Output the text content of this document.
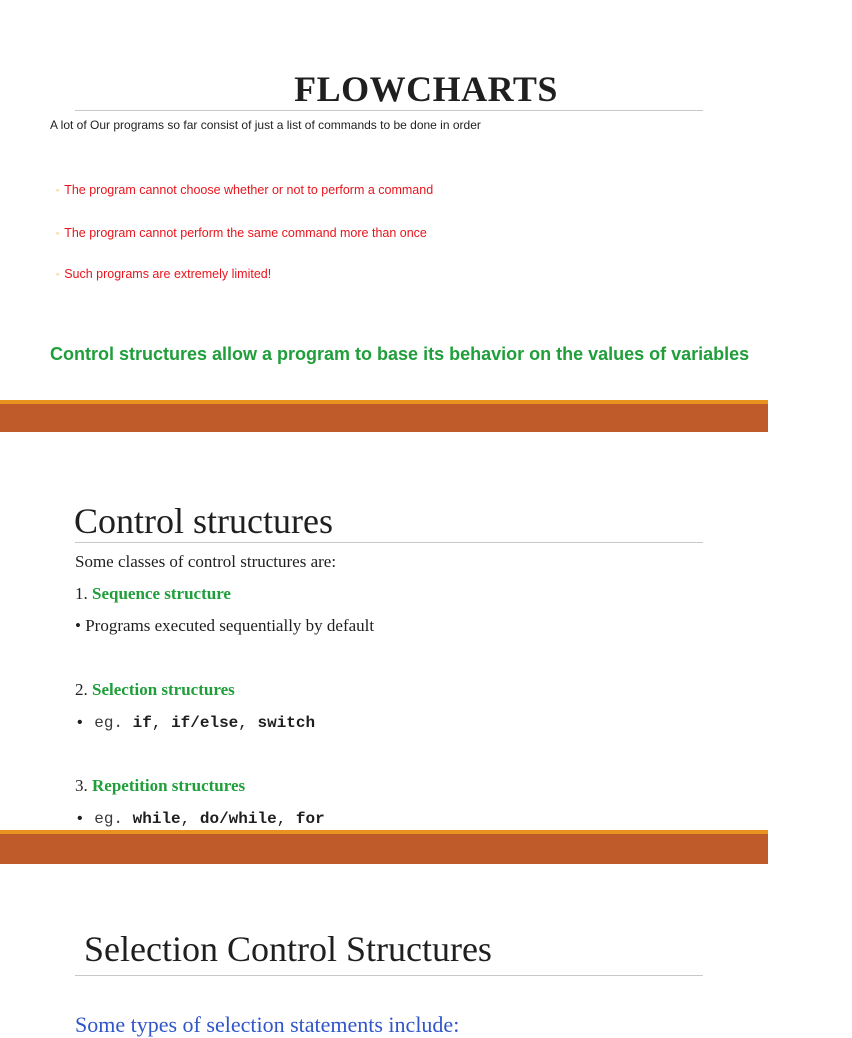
FLOWCHARTS
A lot of Our programs so far consist of just a list of commands to be done in order
◦ The program cannot choose whether or not to perform a command
◦ The program cannot perform the same command more than once
◦ Such programs are extremely limited!
Control structures allow a program to base its behavior on the values of variables
Control structures
Some classes of control structures are:
1. Sequence structure
• Programs executed sequentially by default
2. Selection structures
• eg. if, if/else, switch
3. Repetition structures
• eg. while, do/while, for
Selection Control Structures
Some types of selection statements include:
